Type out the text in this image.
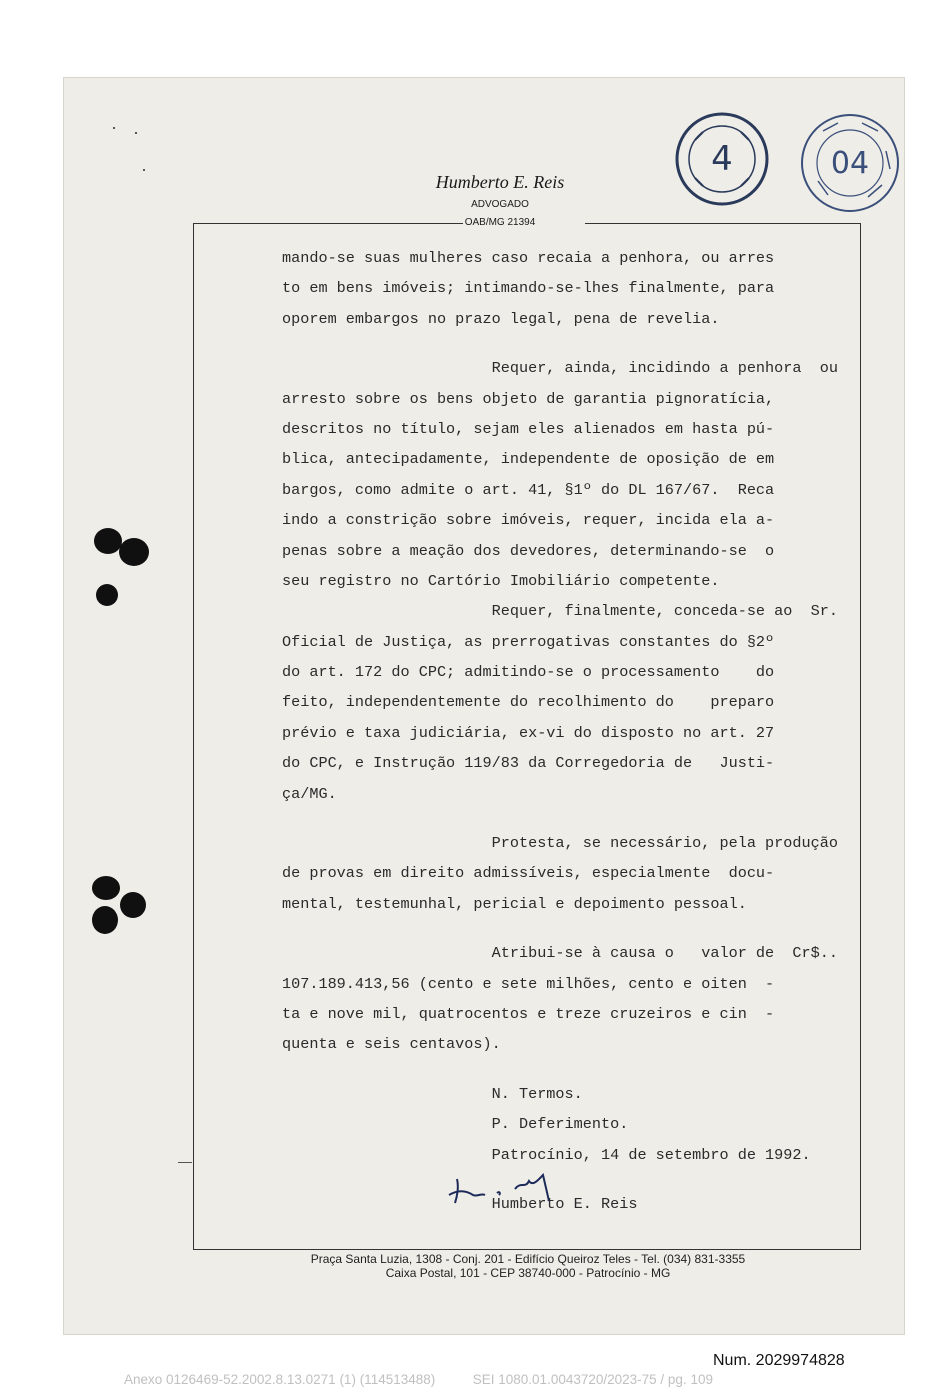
Humberto E. Reis
ADVOGADO
OAB/MG 21394
4	04
mando-se suas mulheres caso recaia a penhora, ou arres
to em bens imóveis; intimando-se-lhes finalmente, para
oporem embargos no prazo legal, pena de revelia.
Requer, ainda, incidindo a penhora  ou
arresto sobre os bens objeto de garantia pignoratícia,
descritos no título, sejam eles alienados em hasta pú-
blica, antecipadamente, independente de oposição de em
bargos, como admite o art. 41, §1º do DL 167/67.  Reca
indo a constrição sobre imóveis, requer, incida ela a-
penas sobre a meação dos devedores, determinando-se  o
seu registro no Cartório Imobiliário competente.
Requer, finalmente, conceda-se ao  Sr.
Oficial de Justiça, as prerrogativas constantes do §2º
do art. 172 do CPC; admitindo-se o processamento    do
feito, independentemente do recolhimento do    preparo
prévio e taxa judiciária, ex-vi do disposto no art. 27
do CPC, e Instrução 119/83 da Corregedoria de   Justi-
ça/MG.
Protesta, se necessário, pela produção
de provas em direito admissíveis, especialmente  docu-
mental, testemunhal, pericial e depoimento pessoal.
Atribui-se à causa o   valor de  Cr$..
107.189.413,56 (cento e sete milhões, cento e oiten  -
ta e nove mil, quatrocentos e treze cruzeiros e cin  -
quenta e seis centavos).
N. Termos.
P. Deferimento.
Patrocínio, 14 de setembro de 1992.
Humberto E. Reis
Praça Santa Luzia, 1308 - Conj. 201 - Edifício Queiroz Teles - Tel. (034) 831-3355
Caixa Postal, 101 - CEP 38740-000 - Patrocínio - MG
Num. 2029974828
Anexo 0126469-52.2002.8.13.0271 (1) (114513488)          SEI 1080.01.0043720/2023-75 / pg. 109
